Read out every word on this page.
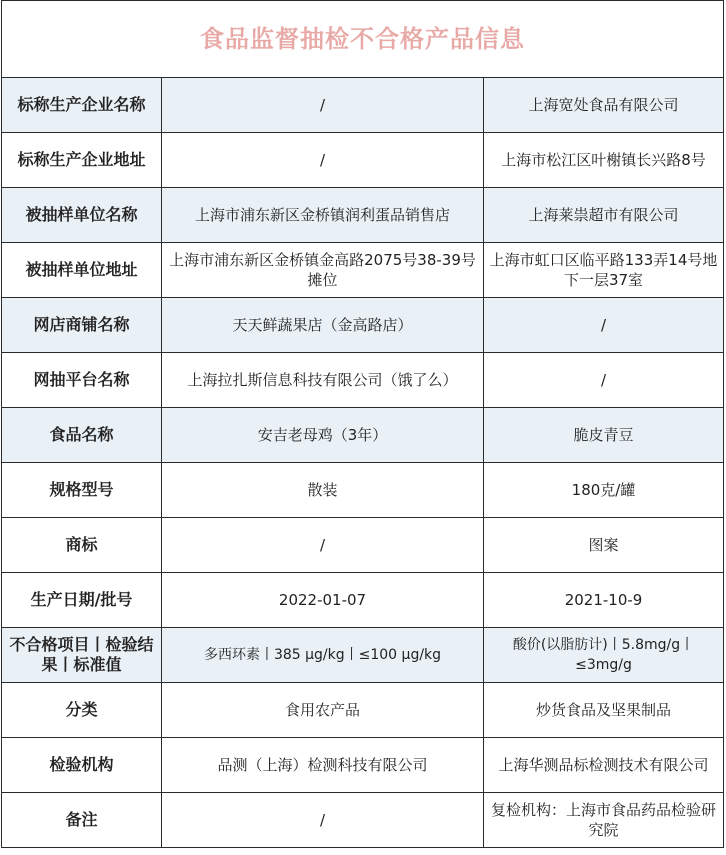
食品监督抽检不合格产品信息		
标称生产企业名称	/	上海宽处食品有限公司
标称生产企业地址	/	上海市松江区叶榭镇长兴路8号
被抽样单位名称	上海市浦东新区金桥镇润利蛋品销售店	上海莱祟超市有限公司
被抽样单位地址	上海市浦东新区金桥镇金高路2075号38-39号摊位	上海市虹口区临平路133弄14号地下一层37室
网店商铺名称	天天鲜蔬果店（金高路店）	/
网抽平台名称	上海拉扎斯信息科技有限公司（饿了么）	/
食品名称	安吉老母鸡（3年）	脆皮青豆
规格型号	散装	180克/罐
商标	/	图案
生产日期/批号	2022-01-07	2021-10-9
不合格项目丨检验结果丨标准值	多西环素丨385 μg/kg丨≤100 μg/kg	酸价(以脂肪计)丨5.8mg/g丨≤3mg/g
分类	食用农产品	炒货食品及坚果制品
检验机构	品测（上海）检测科技有限公司	上海华测品标检测技术有限公司
备注	/	复检机构：上海市食品药品检验研究院
